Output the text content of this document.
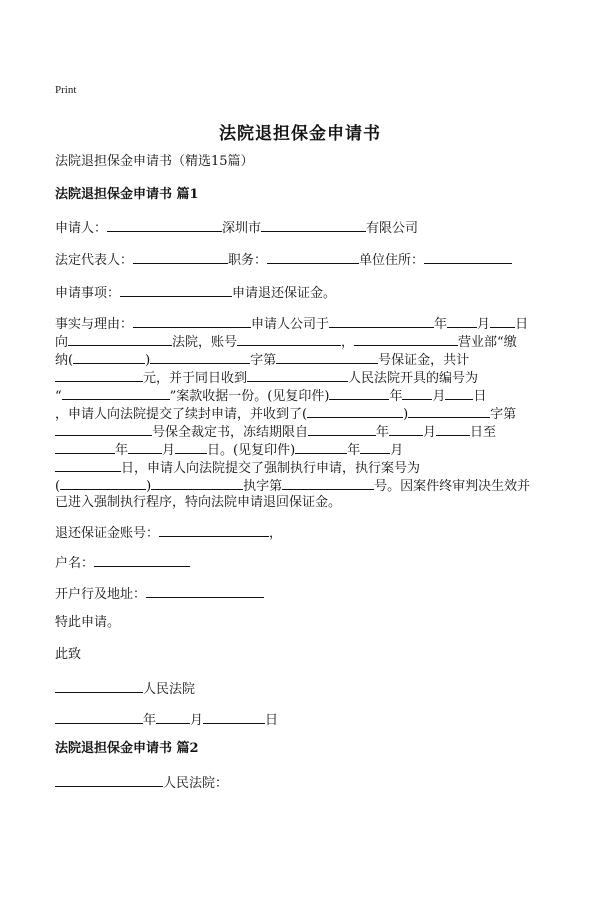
Print
法院退担保金申请书
法院退担保金申请书（精选15篇）
法院退担保金申请书 篇1
申请人：	深圳市	有限公司
法定代表人：	职务：	单位住所：
申请事项：	申请退还保证金。
事实与理由：	申请人公司于	年 月 日
向	法院，账号	，	营业部“缴
纳(	)	字第	号保证金，共计
元，并于同日收到	人民法院开具的编号为
“	”案款收据一份。(见复印件)	年 月 日
，申请人向法院提交了续封申请，并收到了(	)	字第
号保全裁定书，冻结期限自	年	月	日至
年	月 日。(见复印件)	年 月
日，申请人向法院提交了强制执行申请，执行案号为
(	)	执字第	号。因案件终审判决生效并
已进入强制执行程序，特向法院申请退回保证金。
退还保证金账号：	，
户名：
开户行及地址：
特此申请。
此致
人民法院
年	月	日
法院退担保金申请书 篇2
人民法院：
